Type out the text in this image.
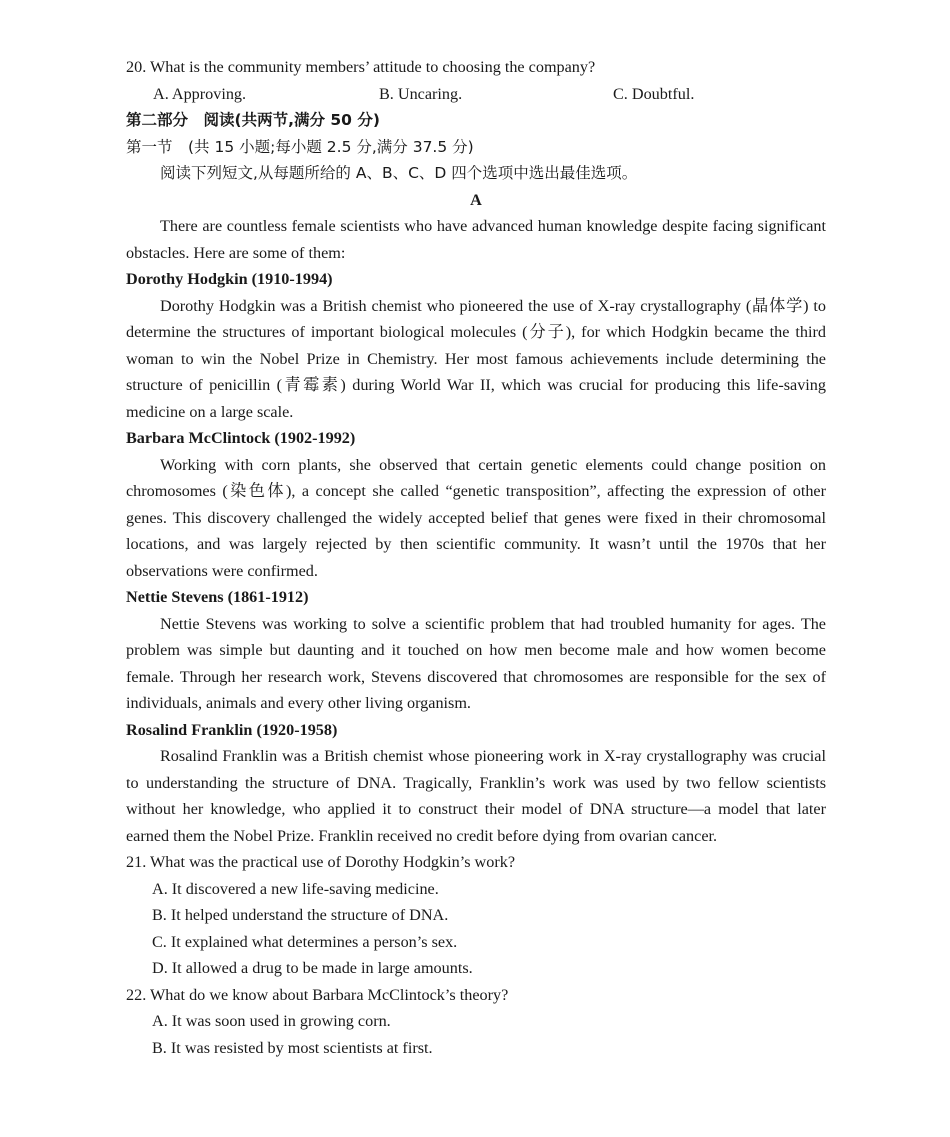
20. What is the community members’ attitude to choosing the company?
A. Approving.	B. Uncaring.	C. Doubtful.
第二部分　阅读(共两节,满分 50 分)
第一节　(共 15 小题;每小题 2.5 分,满分 37.5 分)
阅读下列短文,从每题所给的 A、B、C、D 四个选项中选出最佳选项。
A

There are countless female scientists who have advanced human knowledge despite facing significant obstacles. Here are some of them:

Dorothy Hodgkin (1910-1994)

Dorothy Hodgkin was a British chemist who pioneered the use of X-ray crystallography (晶体学) to determine the structures of important biological molecules (分子), for which Hodgkin became the third woman to win the Nobel Prize in Chemistry. Her most famous achievements include determining the structure of penicillin (青霉素) during World War II, which was crucial for producing this life-saving medicine on a large scale.

Barbara McClintock (1902-1992)

Working with corn plants, she observed that certain genetic elements could change position on chromosomes (染色体), a concept she called “genetic transposition”, affecting the expression of other genes. This discovery challenged the widely accepted belief that genes were fixed in their chromosomal locations, and was largely rejected by then scientific community. It wasn’t until the 1970s that her observations were confirmed.

Nettie Stevens (1861-1912)

Nettie Stevens was working to solve a scientific problem that had troubled humanity for ages. The problem was simple but daunting and it touched on how men become male and how women become female. Through her research work, Stevens discovered that chromosomes are responsible for the sex of individuals, animals and every other living organism.

Rosalind Franklin (1920-1958)

Rosalind Franklin was a British chemist whose pioneering work in X-ray crystallography was crucial to understanding the structure of DNA. Tragically, Franklin’s work was used by two fellow scientists without her knowledge, who applied it to construct their model of DNA structure—a model that later earned them the Nobel Prize. Franklin received no credit before dying from ovarian cancer.

21. What was the practical use of Dorothy Hodgkin’s work?
A. It discovered a new life-saving medicine.
B. It helped understand the structure of DNA.
C. It explained what determines a person’s sex.
D. It allowed a drug to be made in large amounts.
22. What do we know about Barbara McClintock’s theory?
A. It was soon used in growing corn.
B. It was resisted by most scientists at first.
